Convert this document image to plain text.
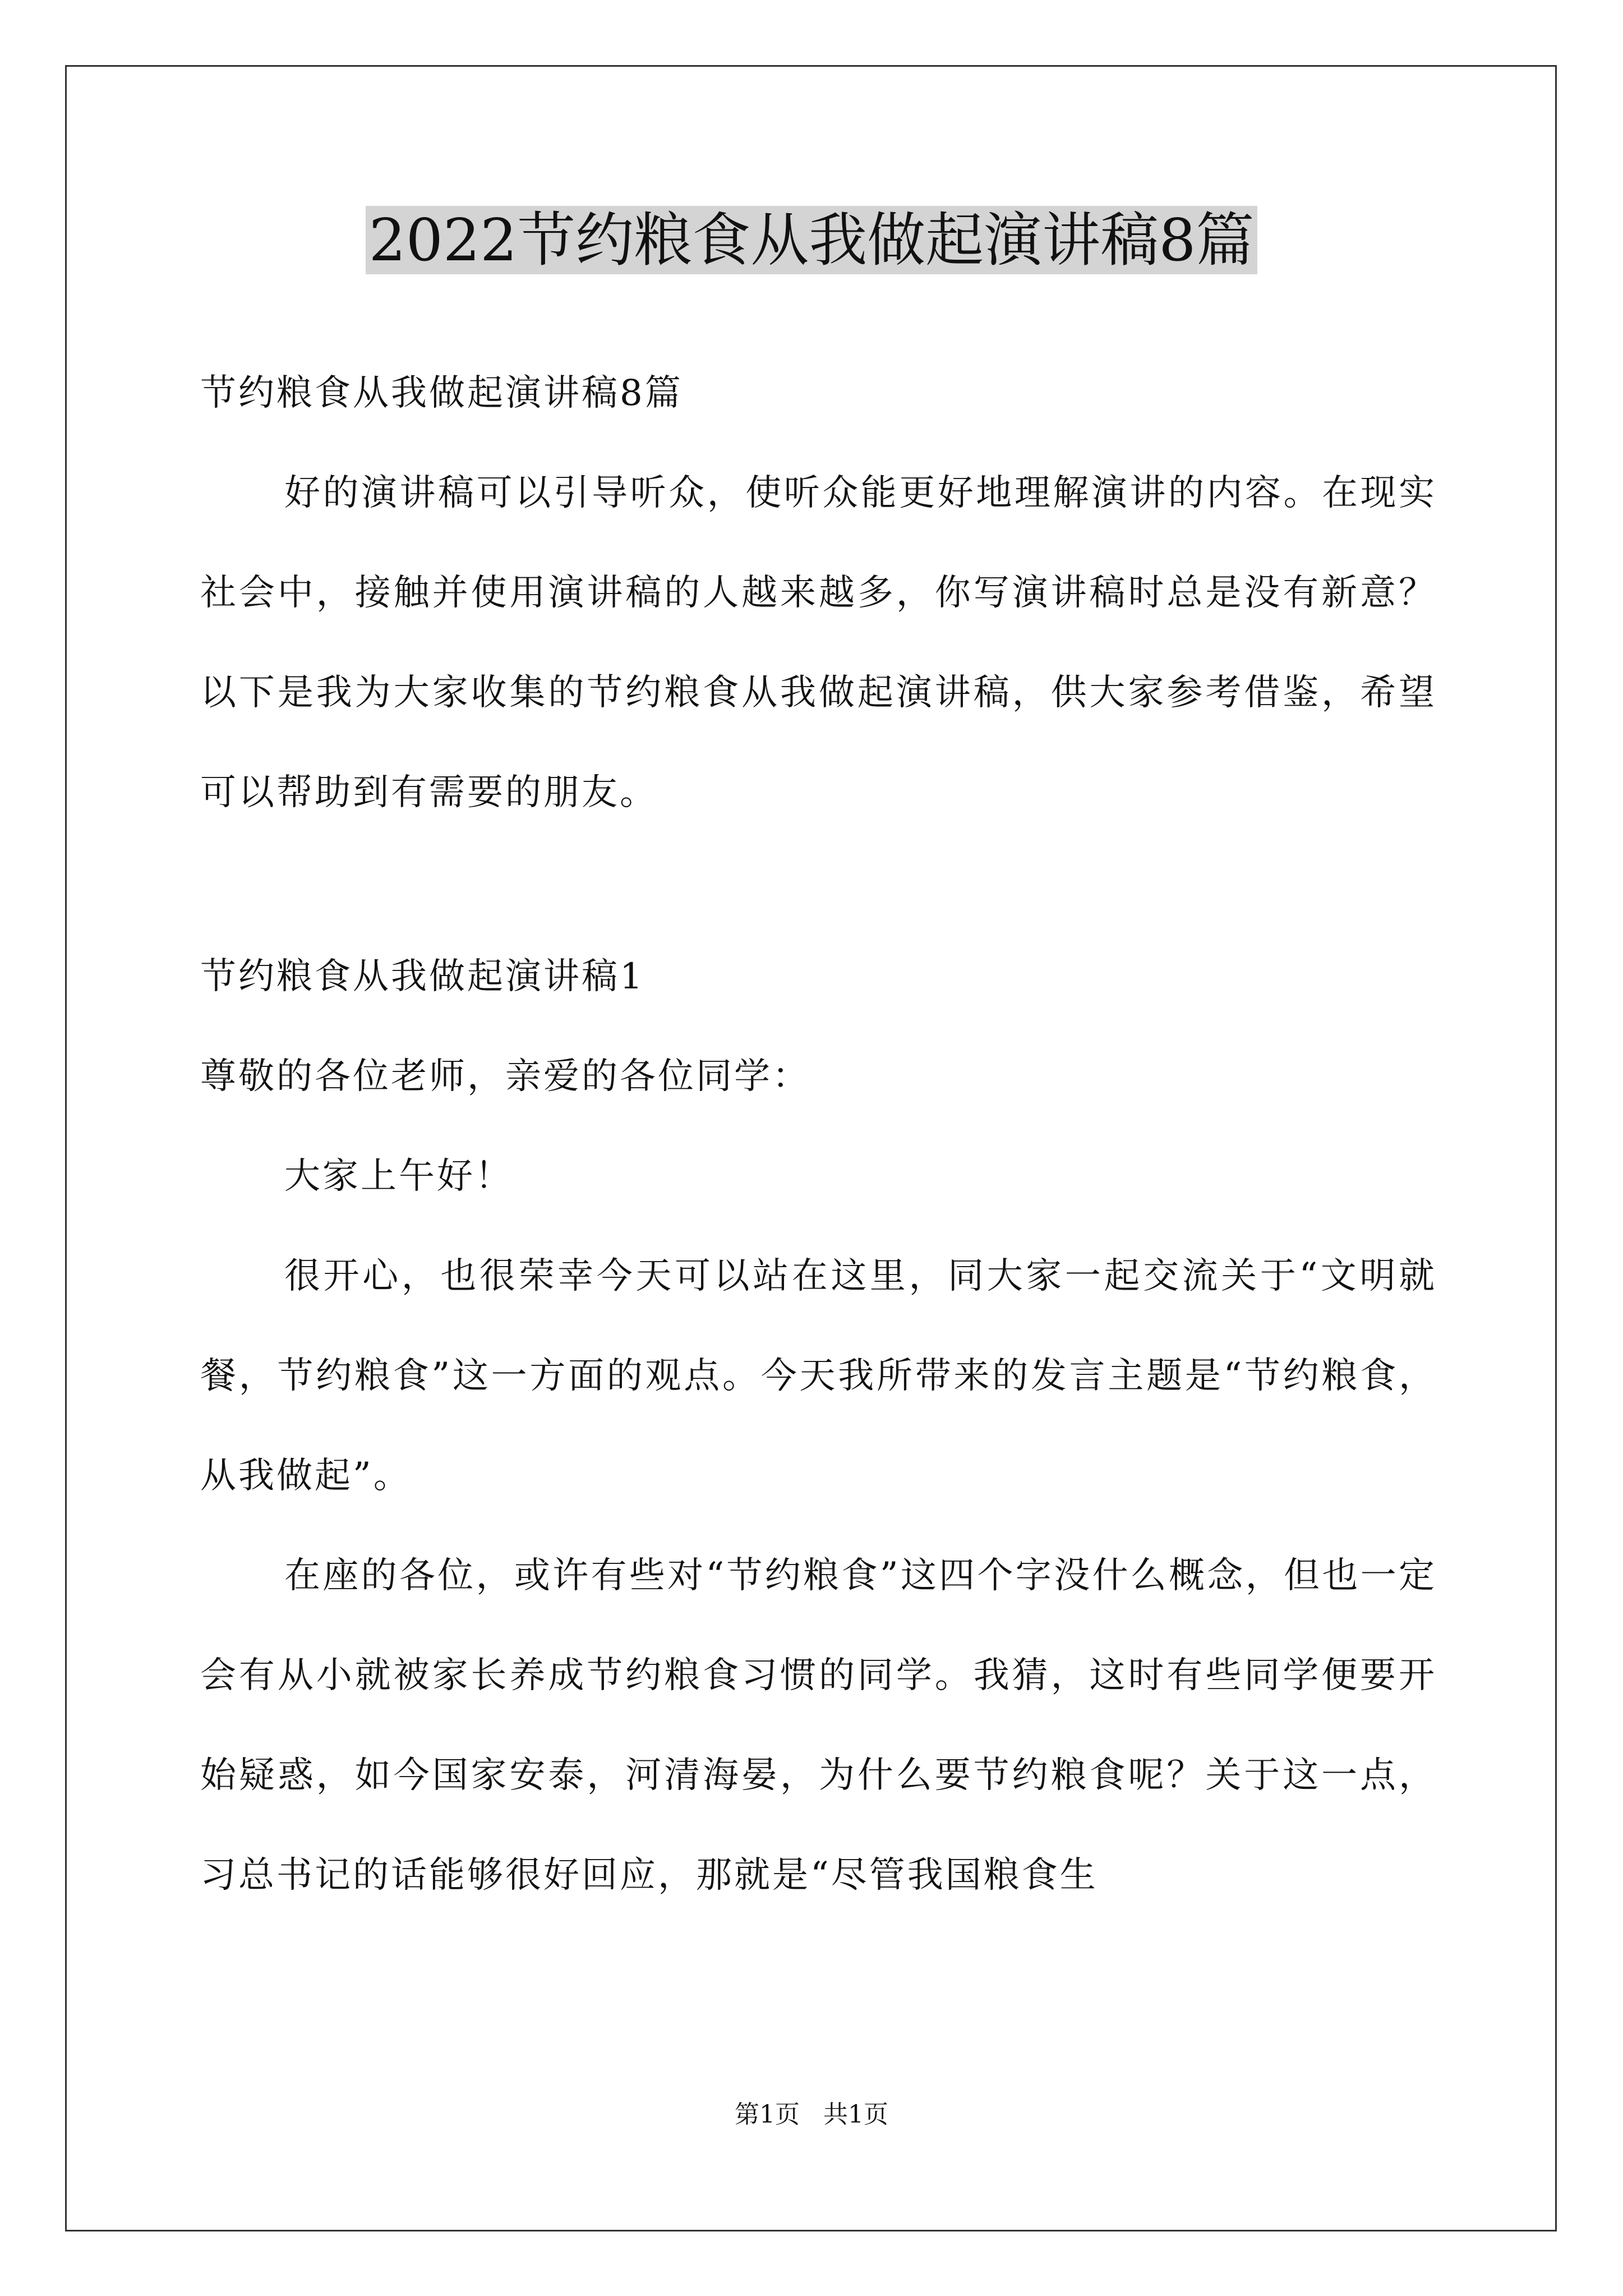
2022节约粮食从我做起演讲稿8篇

节约粮食从我做起演讲稿8篇

好的演讲稿可以引导听众，使听众能更好地理解演讲的内容。在现实社会中，接触并使用演讲稿的人越来越多，你写演讲稿时总是没有新意？以下是我为大家收集的节约粮食从我做起演讲稿，供大家参考借鉴，希望可以帮助到有需要的朋友。

节约粮食从我做起演讲稿1

尊敬的各位老师，亲爱的各位同学：

大家上午好！

很开心，也很荣幸今天可以站在这里，同大家一起交流关于“文明就餐，节约粮食”这一方面的观点。今天我所带来的发言主题是“节约粮食，从我做起”。

在座的各位，或许有些对“节约粮食”这四个字没什么概念，但也一定会有从小就被家长养成节约粮食习惯的同学。我猜，这时有些同学便要开始疑惑，如今国家安泰，河清海晏，为什么要节约粮食呢？关于这一点，习总书记的话能够很好回应，那就是“尽管我国粮食生

第1页 共1页
